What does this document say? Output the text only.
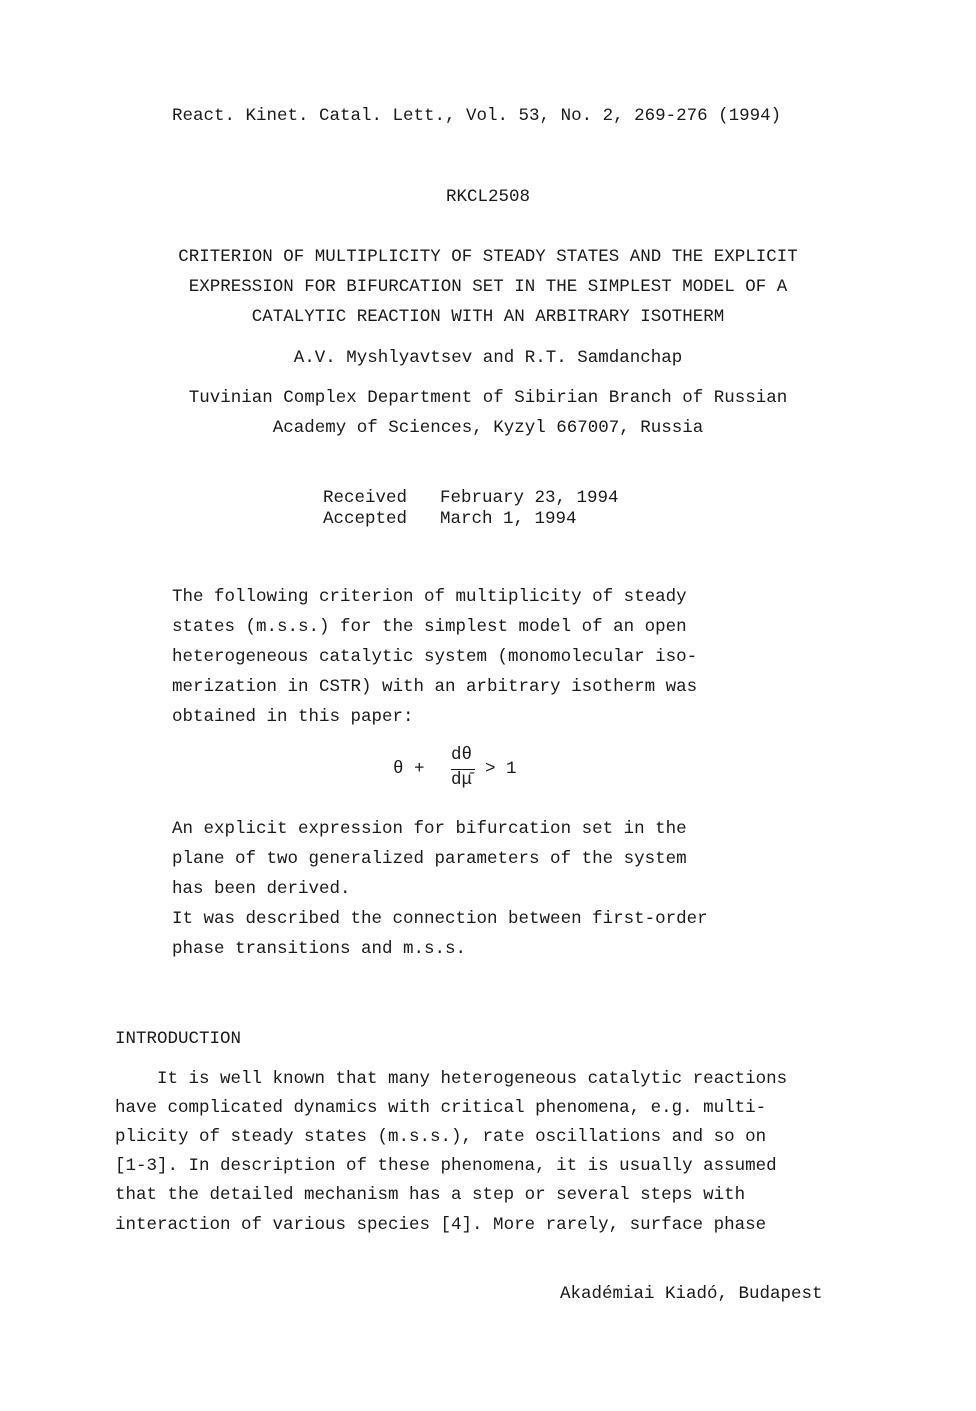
React. Kinet. Catal. Lett., Vol. 53, No. 2, 269-276 (1994)
RKCL2508
CRITERION OF MULTIPLICITY OF STEADY STATES AND THE EXPLICIT
EXPRESSION FOR BIFURCATION SET IN THE SIMPLEST MODEL OF A
CATALYTIC REACTION WITH AN ARBITRARY ISOTHERM
A.V. Myshlyavtsev and R.T. Samdanchap
Tuvinian Complex Department of Sibirian Branch of Russian
Academy of Sciences, Kyzyl 667007, Russia
Received February 23, 1994
Accepted March 1, 1994
The following criterion of multiplicity of steady
states (m.s.s.) for the simplest model of an open
heterogeneous catalytic system (monomolecular iso-
merization in CSTR) with an arbitrary isotherm was
obtained in this paper:
θ +
dθ
dμ̄
> 1
An explicit expression for bifurcation set in the
plane of two generalized parameters of the system
has been derived.
It was described the connection between first-order
phase transitions and m.s.s.
INTRODUCTION
It is well known that many heterogeneous catalytic reactions
have complicated dynamics with critical phenomena, e.g. multi-
plicity of steady states (m.s.s.), rate oscillations and so on
[1-3]. In description of these phenomena, it is usually assumed
that the detailed mechanism has a step or several steps with
interaction of various species [4]. More rarely, surface phase
Akadémiai Kiadó, Budapest
